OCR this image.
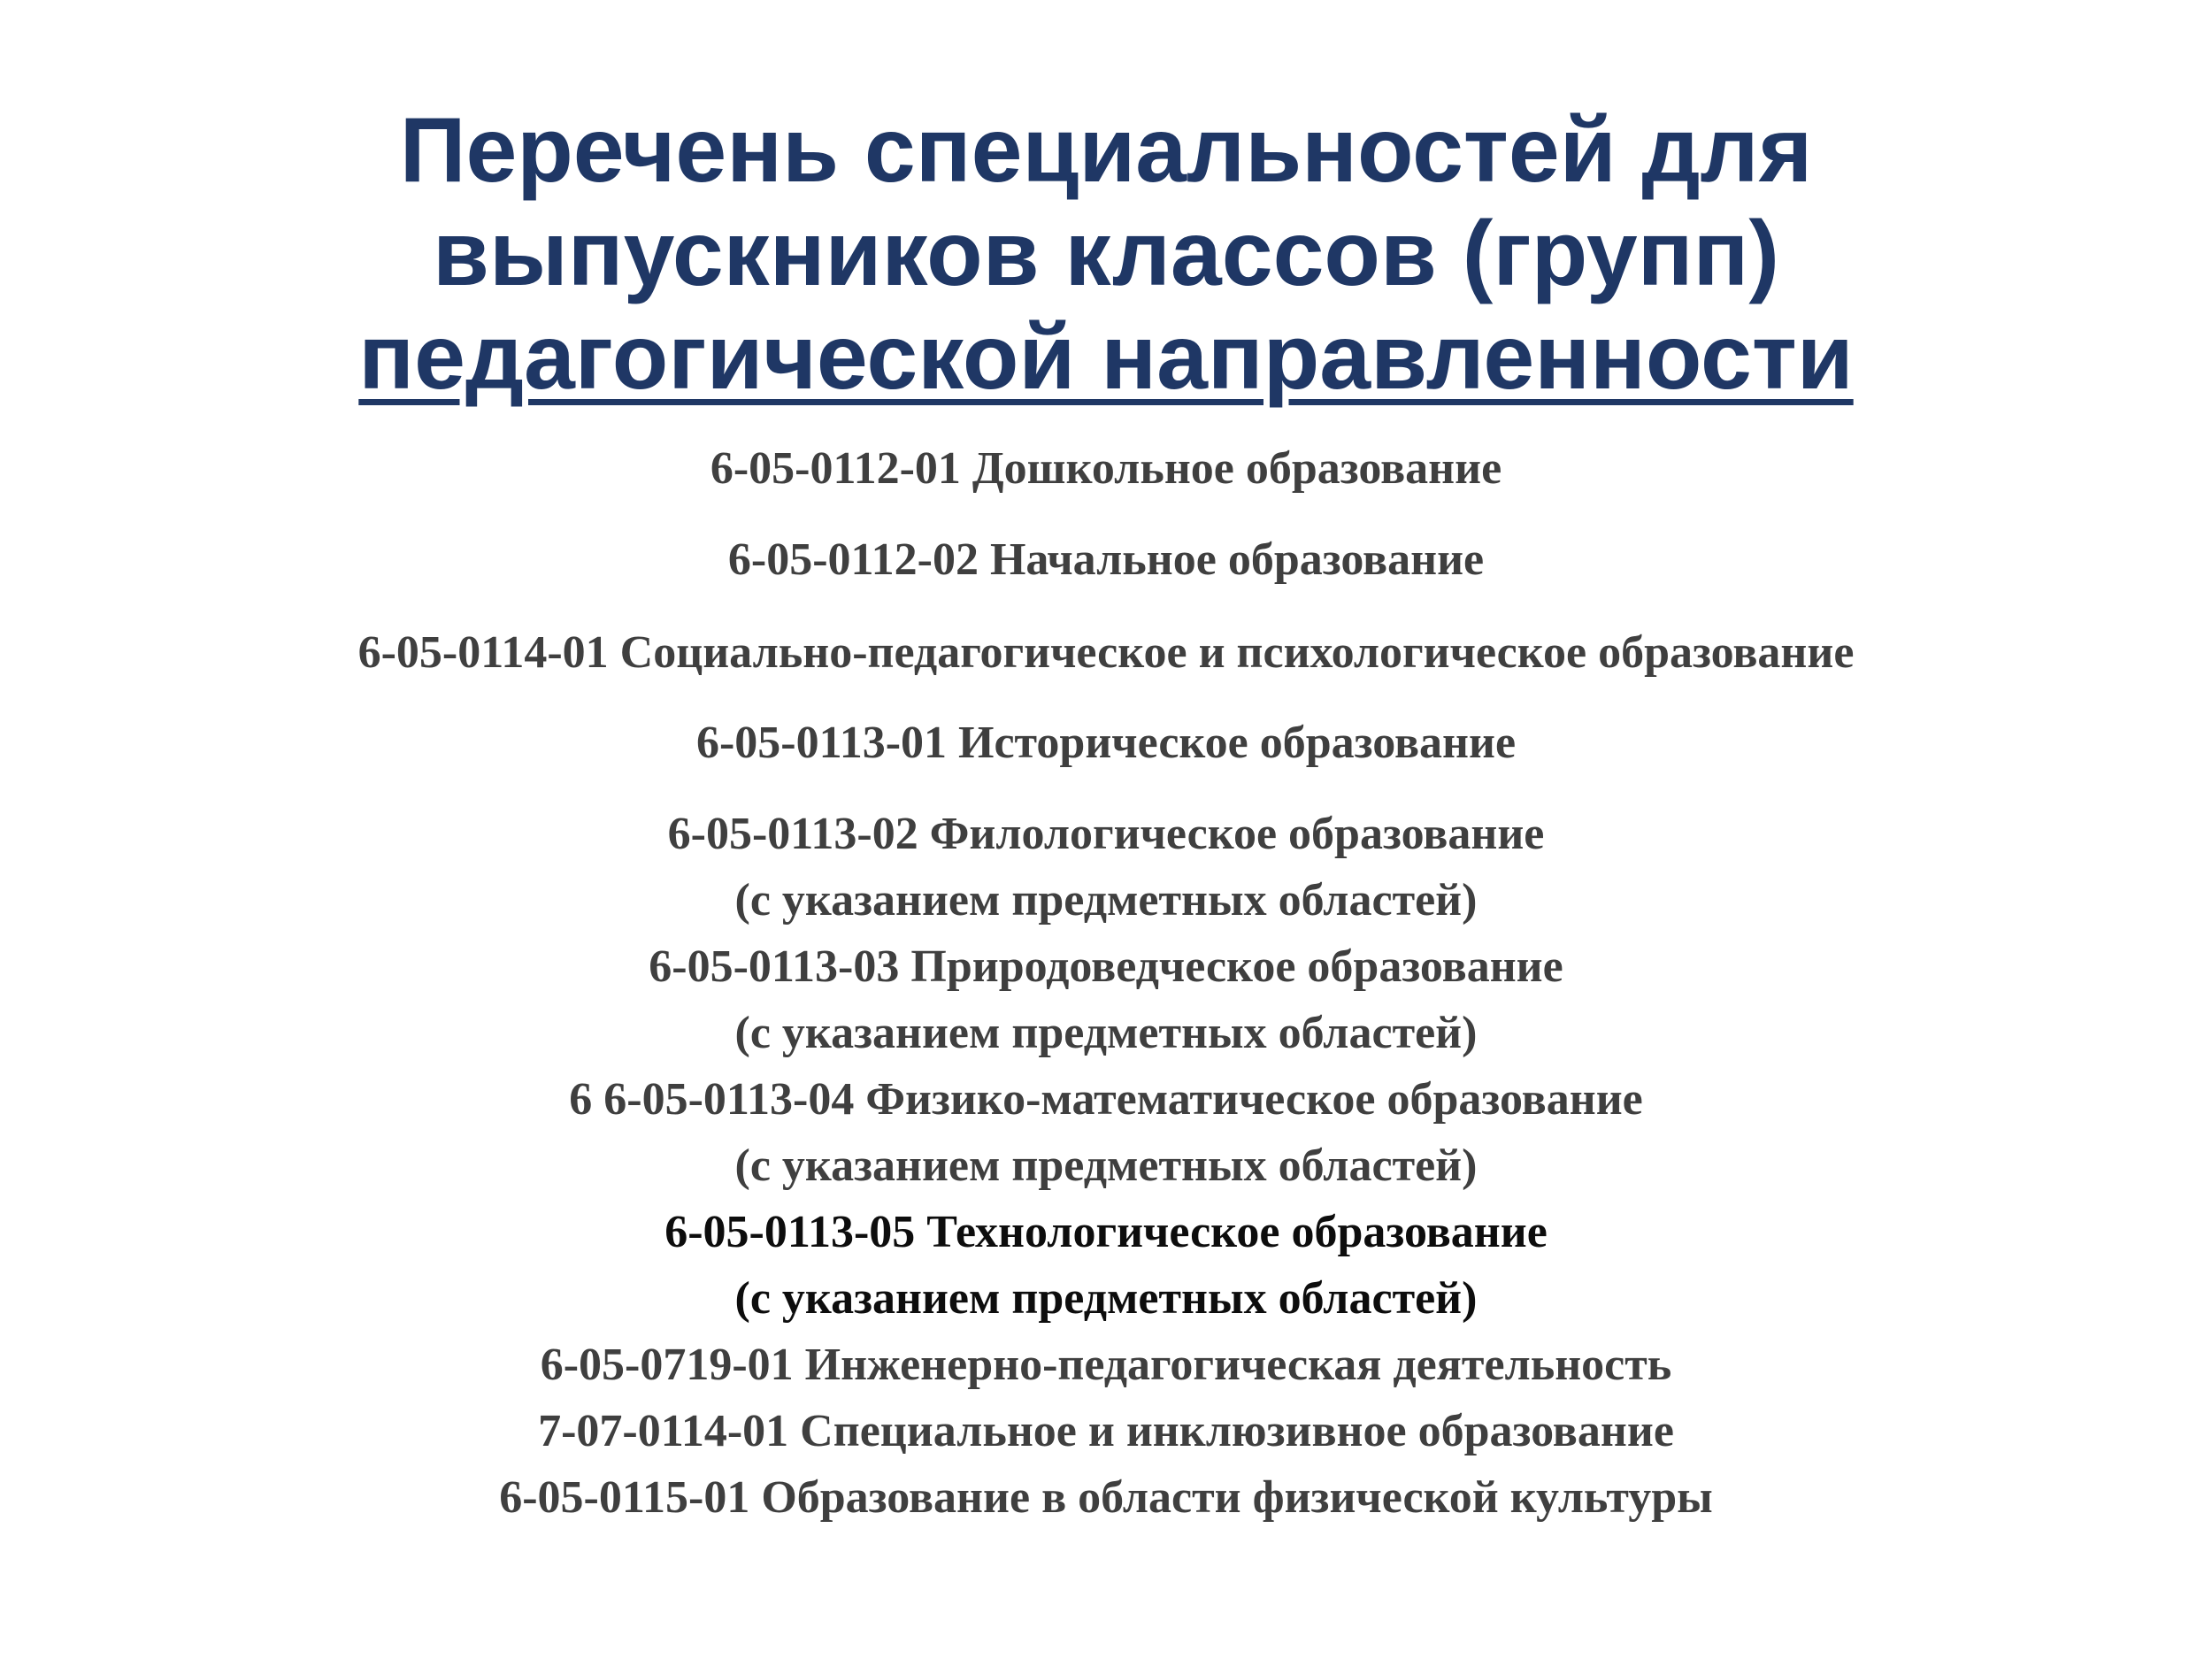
Перечень специальностей для
выпускников классов (групп)
педагогической направленности
6-05-0112-01 Дошкольное образование
6-05-0112-02 Начальное образование
6-05-0114-01 Социально-педагогическое и психологическое образование
6-05-0113-01 Историческое образование
6-05-0113-02 Филологическое образование
(с указанием предметных областей)
6-05-0113-03 Природоведческое образование
(с указанием предметных областей)
6 6-05-0113-04 Физико-математическое образование
(с указанием предметных областей)
6-05-0113-05 Технологическое образование
(с указанием предметных областей)
6-05-0719-01 Инженерно-педагогическая деятельность
7-07-0114-01 Специальное и инклюзивное образование
6-05-0115-01 Образование в области физической культуры
